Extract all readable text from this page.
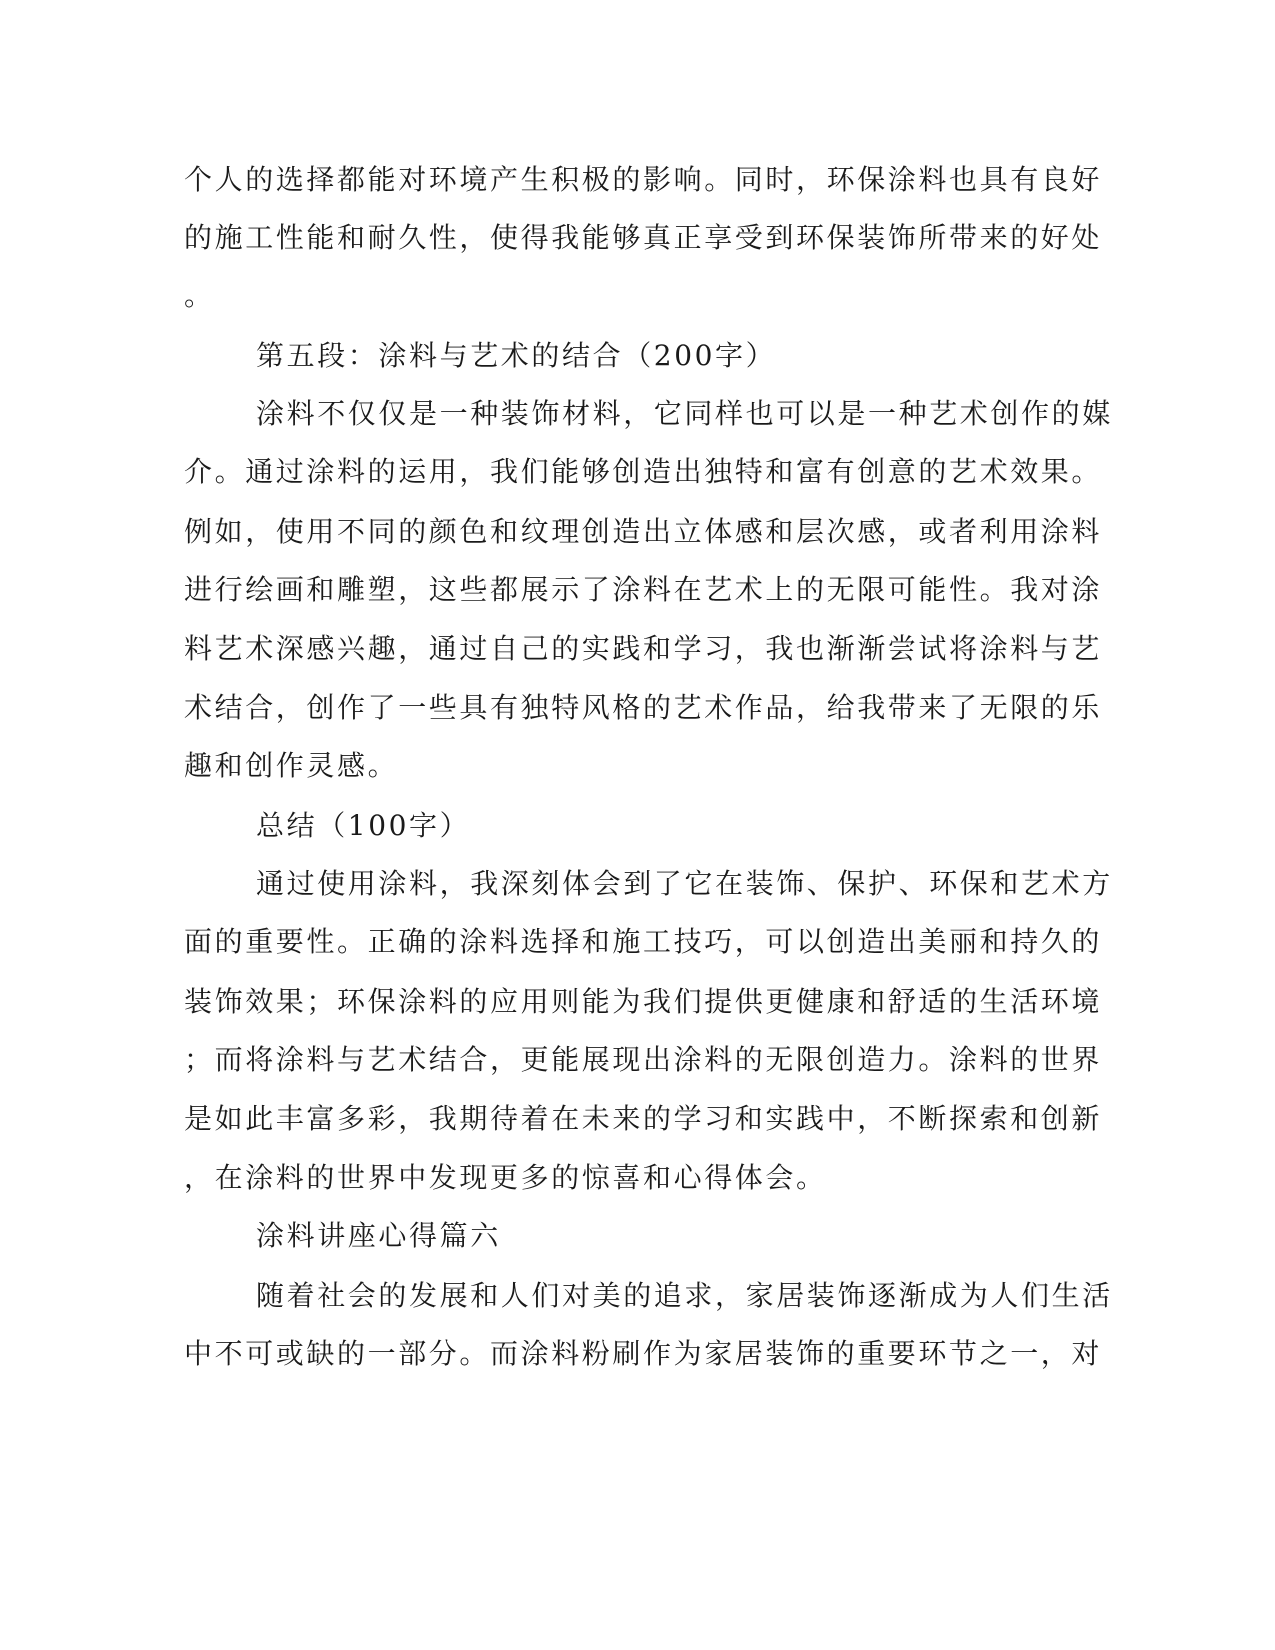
个人的选择都能对环境产生积极的影响。同时，环保涂料也具有良好
的施工性能和耐久性，使得我能够真正享受到环保装饰所带来的好处
。
第五段：涂料与艺术的结合（200字）
涂料不仅仅是一种装饰材料，它同样也可以是一种艺术创作的媒
介。通过涂料的运用，我们能够创造出独特和富有创意的艺术效果。
例如，使用不同的颜色和纹理创造出立体感和层次感，或者利用涂料
进行绘画和雕塑，这些都展示了涂料在艺术上的无限可能性。我对涂
料艺术深感兴趣，通过自己的实践和学习，我也渐渐尝试将涂料与艺
术结合，创作了一些具有独特风格的艺术作品，给我带来了无限的乐
趣和创作灵感。
总结（100字）
通过使用涂料，我深刻体会到了它在装饰、保护、环保和艺术方
面的重要性。正确的涂料选择和施工技巧，可以创造出美丽和持久的
装饰效果；环保涂料的应用则能为我们提供更健康和舒适的生活环境
；而将涂料与艺术结合，更能展现出涂料的无限创造力。涂料的世界
是如此丰富多彩，我期待着在未来的学习和实践中，不断探索和创新
，在涂料的世界中发现更多的惊喜和心得体会。
涂料讲座心得篇六
随着社会的发展和人们对美的追求，家居装饰逐渐成为人们生活
中不可或缺的一部分。而涂料粉刷作为家居装饰的重要环节之一，对
